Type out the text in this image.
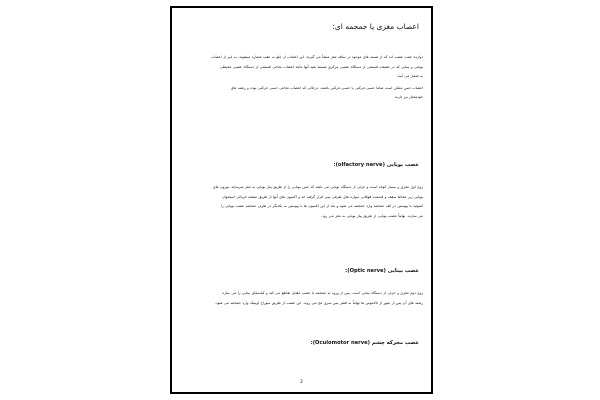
اعصاب مغزی یا جمجمه ای:

دوازده جفت عصب اند که از هسته های موجود در ساقه مغز منشأ می گیرند. این اعصاب از جلو به عقب شماره میشوند، به غیر از اعصاب

بویایی و بینایی که در حقیقت قسمتی از دستگاه عصبی مرکزی هستند بقیه آنها مانند اعصاب نخاعی قسمتی از دستگاه عصبی محیطی

به شمار می آیند.

اعصاب حس ممکن است تماما حسی-حرکتی یا حسی-حرکتی باشند. درحالی که اعصاب نخاعی حسی حرکتی بوده و رشته های

خودمختار نیز دارند.

عصب بویایی (olfactory nerve):

زوج اول مغزی و بسیار کوتاه است و جزئی از دستگاه بویایی می باشد که حس بویایی را از طریق پیاز بویایی به مغز میرساند. نورون های

بویایی زیر مخاط سقف و قسمت فوقانی دیواره های طرفی بینی قرار گرفته اند و اکسون های آنها از طریق صفحه غربالی استخوان

اتموئید با پیوستن در کف جمجمه وارد جمجمه می شود و بعد از این اکسون ها با پیوستن به یکدیگر در طرف جمجمه عصب بویایی را

می سازند. نهایتاً عصب بویایی از طریق پیاز بویایی به مغز می رود.

عصب بینایی (Optic nerve):

زوج دوم مغزی و جزئی از دستگاه بینایی است. پس از ورود به جمجمه با عصب مقابل تقاطع می کند و کیاسمای بینایی را می سازد.

رشته های آن پس از عبور از تالاموس ها نهایتاً به قشر پس سری مخ می روند. این عصب از طریق سوراخ اوپتیک وارد جمجمه می شود.

عصب محرکه چشم (Oculomotor nerve):
2
